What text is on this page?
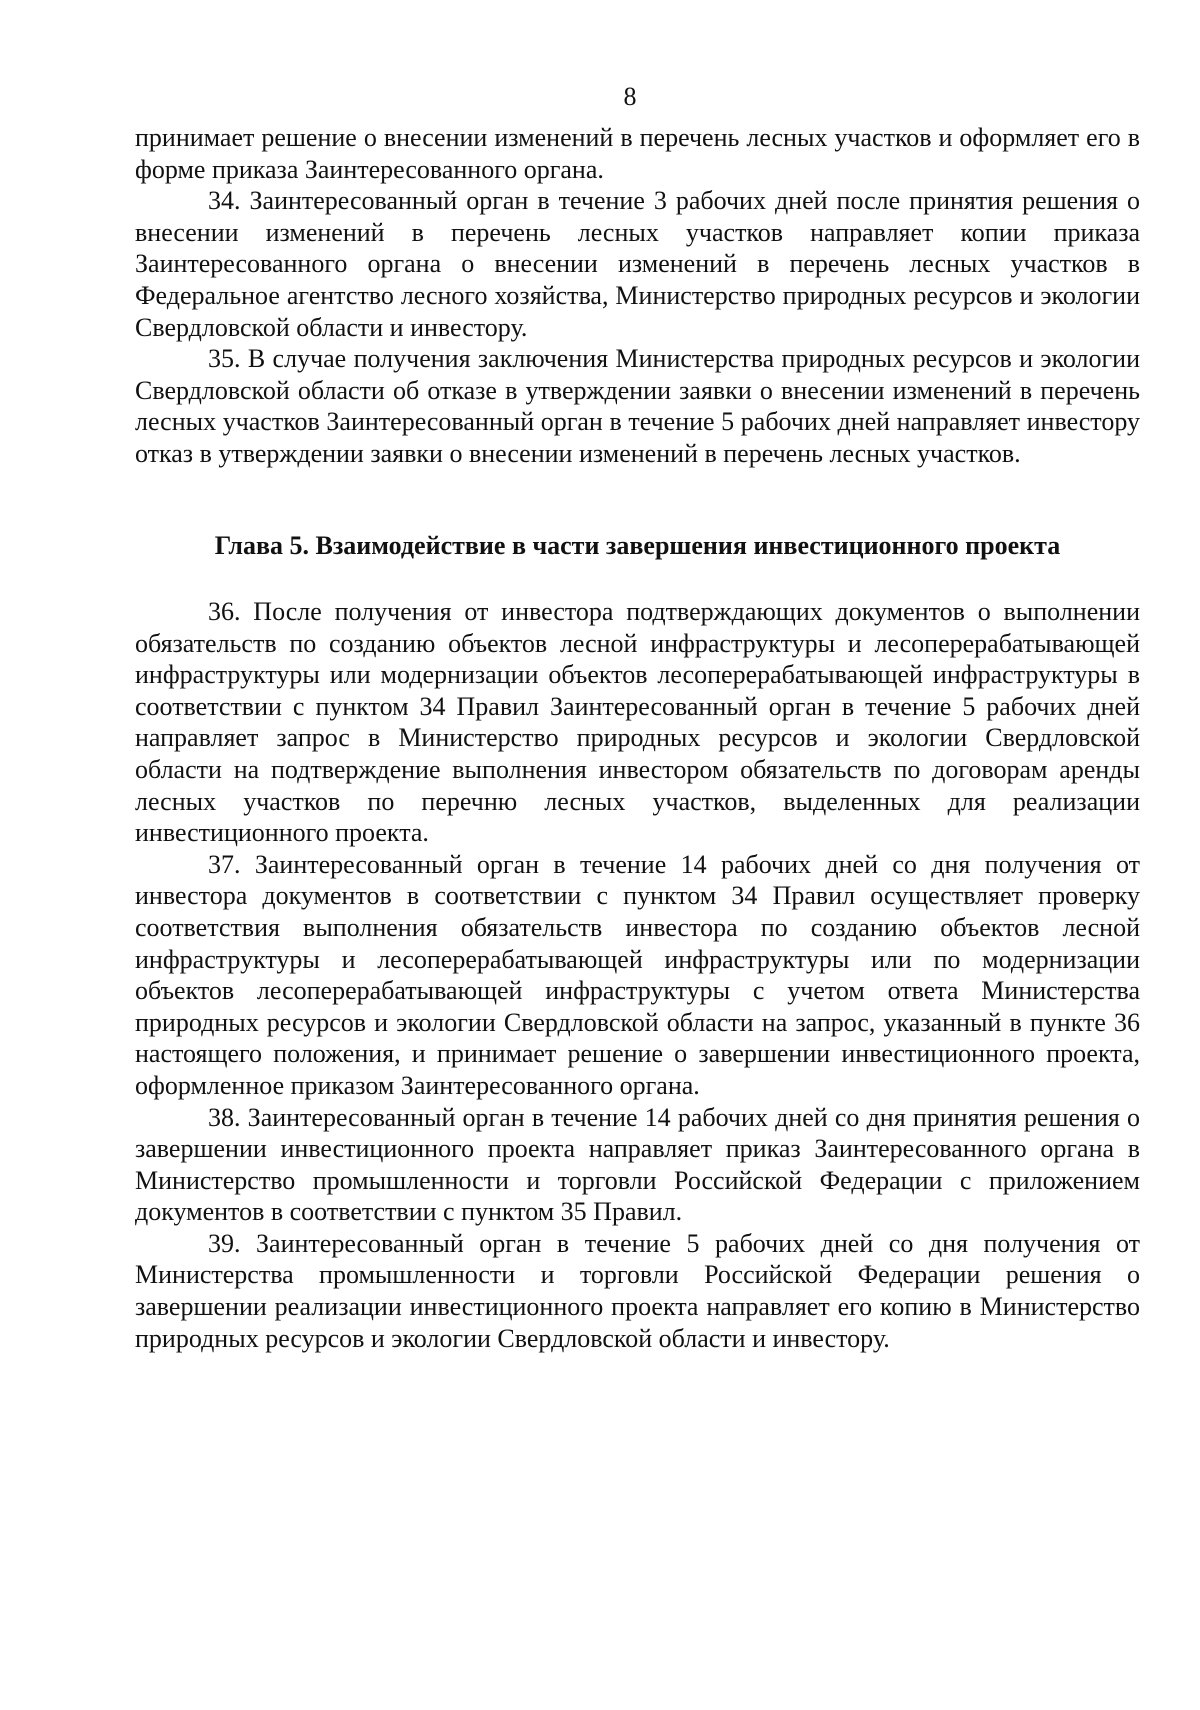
8

принимает решение о внесении изменений в перечень лесных участков и оформляет его в форме приказа Заинтересованного органа.

34. Заинтересованный орган в течение 3 рабочих дней после принятия решения о внесении изменений в перечень лесных участков направляет копии приказа Заинтересованного органа о внесении изменений в перечень лесных участков в Федеральное агентство лесного хозяйства, Министерство природных ресурсов и экологии Свердловской области и инвестору.

35. В случае получения заключения Министерства природных ресурсов и экологии Свердловской области об отказе в утверждении заявки о внесении изменений в перечень лесных участков Заинтересованный орган в течение 5 рабочих дней направляет инвестору отказ в утверждении заявки о внесении изменений в перечень лесных участков.

Глава 5. Взаимодействие в части завершения инвестиционного проекта

36. После получения от инвестора подтверждающих документов о выполнении обязательств по созданию объектов лесной инфраструктуры и лесоперерабатывающей инфраструктуры или модернизации объектов лесоперерабатывающей инфраструктуры в соответствии с пунктом 34 Правил Заинтересованный орган в течение 5 рабочих дней направляет запрос в Министерство природных ресурсов и экологии Свердловской области на подтверждение выполнения инвестором обязательств по договорам аренды лесных участков по перечню лесных участков, выделенных для реализации инвестиционного проекта.

37. Заинтересованный орган в течение 14 рабочих дней со дня получения от инвестора документов в соответствии с пунктом 34 Правил осуществляет проверку соответствия выполнения обязательств инвестора по созданию объектов лесной инфраструктуры и лесоперерабатывающей инфраструктуры или по модернизации объектов лесоперерабатывающей инфраструктуры с учетом ответа Министерства природных ресурсов и экологии Свердловской области на запрос, указанный в пункте 36 настоящего положения, и принимает решение о завершении инвестиционного проекта, оформленное приказом Заинтересованного органа.

38. Заинтересованный орган в течение 14 рабочих дней со дня принятия решения о завершении инвестиционного проекта направляет приказ Заинтересованного органа в Министерство промышленности и торговли Российской Федерации с приложением документов в соответствии с пунктом 35 Правил.

39. Заинтересованный орган в течение 5 рабочих дней со дня получения от Министерства промышленности и торговли Российской Федерации решения о завершении реализации инвестиционного проекта направляет его копию в Министерство природных ресурсов и экологии Свердловской области и инвестору.
